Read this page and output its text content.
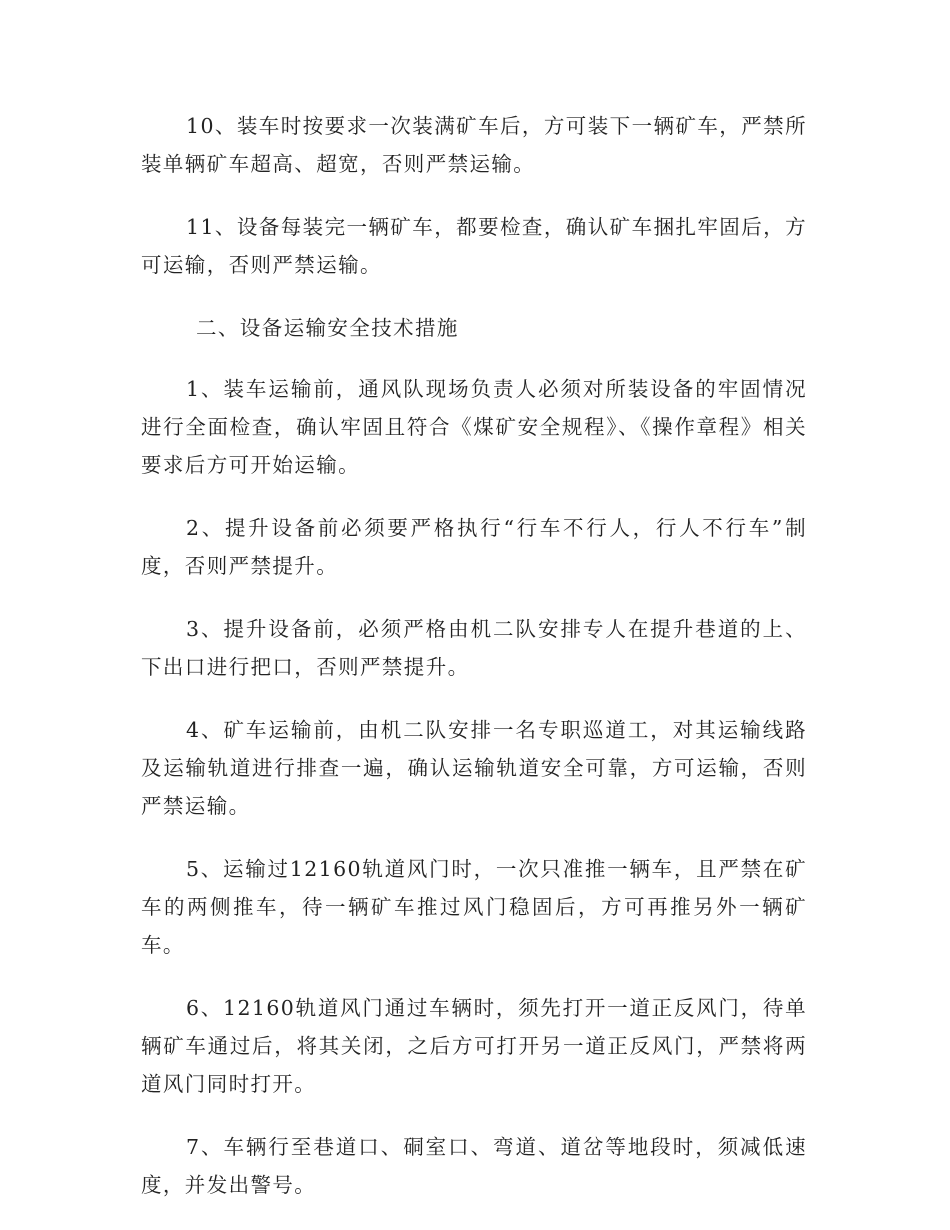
10、装车时按要求一次装满矿车后，方可装下一辆矿车，严禁所装单辆矿车超高、超宽，否则严禁运输。

11、设备每装完一辆矿车，都要检查，确认矿车捆扎牢固后，方可运输，否则严禁运输。

二、设备运输安全技术措施

1、装车运输前，通风队现场负责人必须对所装设备的牢固情况进行全面检查，确认牢固且符合《煤矿安全规程》、《操作章程》相关要求后方可开始运输。

2、提升设备前必须要严格执行“行车不行人，行人不行车”制度，否则严禁提升。

3、提升设备前，必须严格由机二队安排专人在提升巷道的上、下出口进行把口，否则严禁提升。

4、矿车运输前，由机二队安排一名专职巡道工，对其运输线路及运输轨道进行排查一遍，确认运输轨道安全可靠，方可运输，否则严禁运输。

5、运输过12160轨道风门时，一次只准推一辆车，且严禁在矿车的两侧推车，待一辆矿车推过风门稳固后，方可再推另外一辆矿车。

6、12160轨道风门通过车辆时，须先打开一道正反风门，待单辆矿车通过后，将其关闭，之后方可打开另一道正反风门，严禁将两道风门同时打开。

7、车辆行至巷道口、硐室口、弯道、道岔等地段时，须减低速度，并发出警号。
